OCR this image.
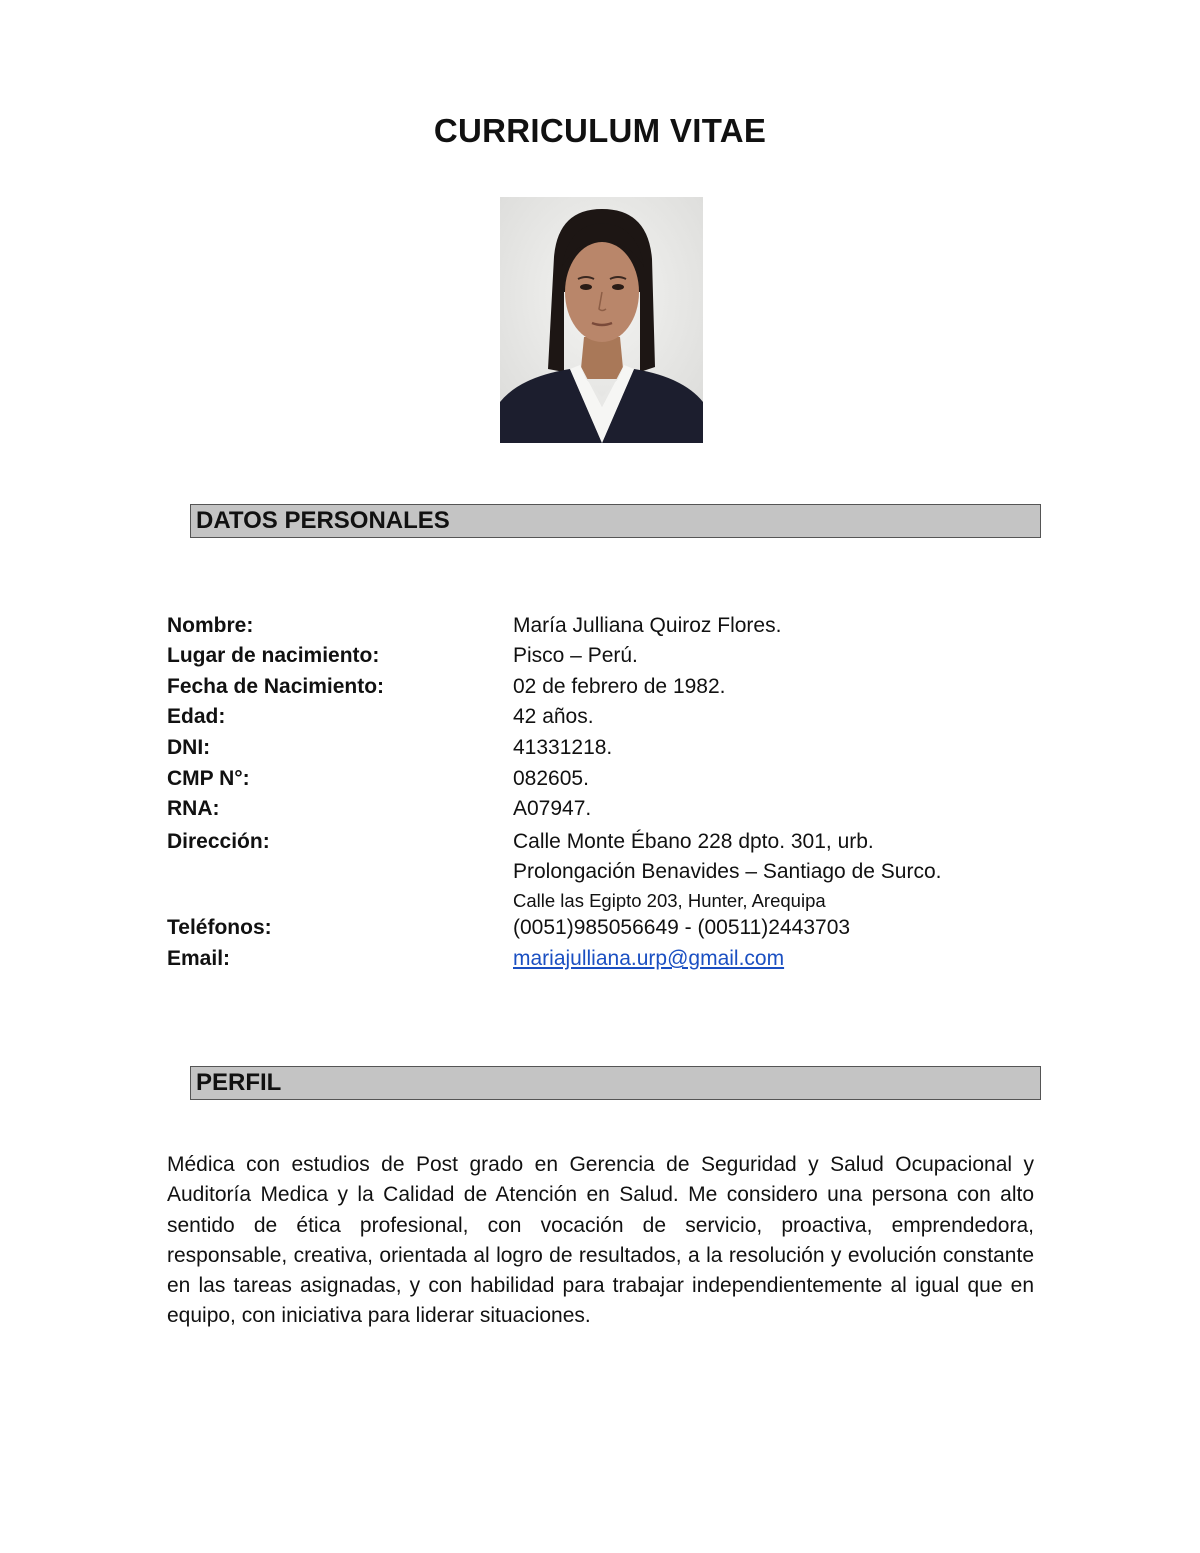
CURRICULUM VITAE
DATOS PERSONALES
Nombre:	María Julliana Quiroz Flores.
Lugar de nacimiento:	Pisco – Perú.
Fecha de Nacimiento:	02 de febrero de 1982.
Edad:	42 años.
DNI:	41331218.
CMP N°:	082605.
RNA:	A07947.
Dirección:	Calle Monte Ébano 228 dpto. 301, urb.
Prolongación Benavides – Santiago de Surco.
Calle las Egipto 203, Hunter, Arequipa
Teléfonos:	(0051)985056649 - (00511)2443703
Email:	mariajulliana.urp@gmail.com
PERFIL

Médica con estudios de Post grado en Gerencia de Seguridad y Salud Ocupacional y Auditoría Medica y la Calidad de Atención en Salud. Me considero una persona con alto sentido de ética profesional, con vocación de servicio, proactiva, emprendedora, responsable, creativa, orientada al logro de resultados, a la resolución y evolución constante en las tareas asignadas, y con habilidad para trabajar independientemente al igual que en equipo, con iniciativa para liderar situaciones.
